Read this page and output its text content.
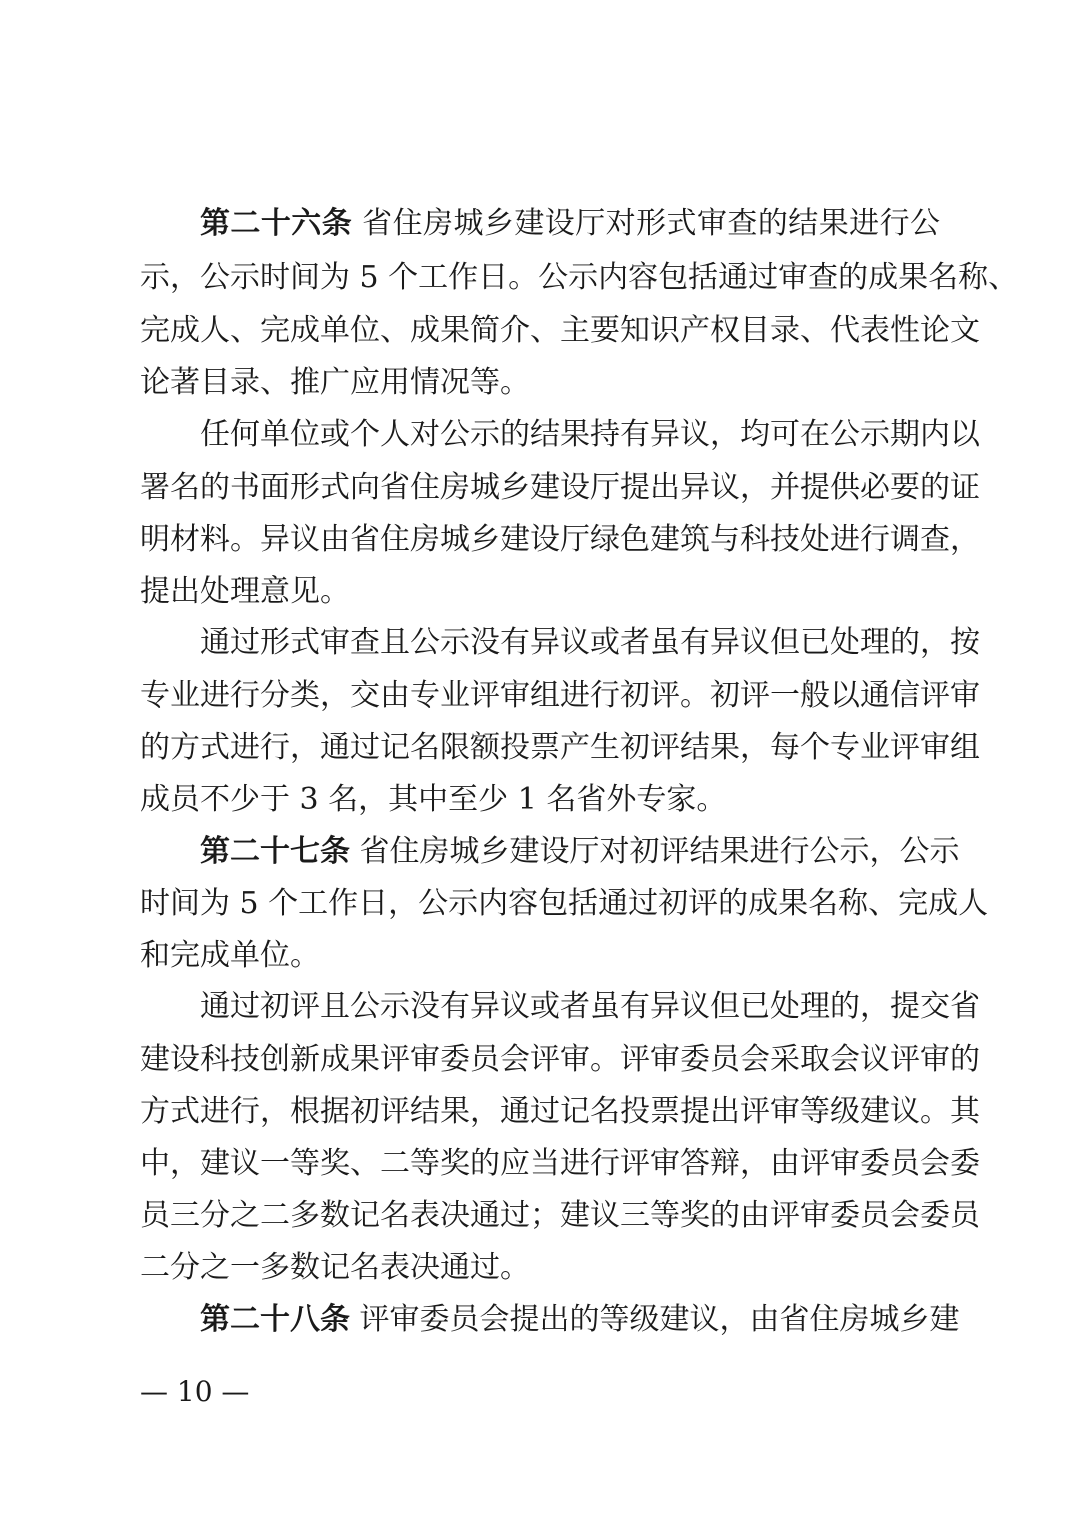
第二十六条 省住房城乡建设厅对形式审查的结果进行公
示，公示时间为 5 个工作日。公示内容包括通过审查的成果名称、
完成人、完成单位、成果简介、主要知识产权目录、代表性论文
论著目录、推广应用情况等。
任何单位或个人对公示的结果持有异议，均可在公示期内以
署名的书面形式向省住房城乡建设厅提出异议，并提供必要的证
明材料。异议由省住房城乡建设厅绿色建筑与科技处进行调查，
提出处理意见。
通过形式审查且公示没有异议或者虽有异议但已处理的，按
专业进行分类，交由专业评审组进行初评。初评一般以通信评审
的方式进行，通过记名限额投票产生初评结果，每个专业评审组
成员不少于 3 名，其中至少 1 名省外专家。
第二十七条 省住房城乡建设厅对初评结果进行公示，公示
时间为 5 个工作日，公示内容包括通过初评的成果名称、完成人
和完成单位。
通过初评且公示没有异议或者虽有异议但已处理的，提交省
建设科技创新成果评审委员会评审。评审委员会采取会议评审的
方式进行，根据初评结果，通过记名投票提出评审等级建议。其
中，建议一等奖、二等奖的应当进行评审答辩，由评审委员会委
员三分之二多数记名表决通过；建议三等奖的由评审委员会委员
二分之一多数记名表决通过。
第二十八条 评审委员会提出的等级建议，由省住房城乡建
— 10 —
